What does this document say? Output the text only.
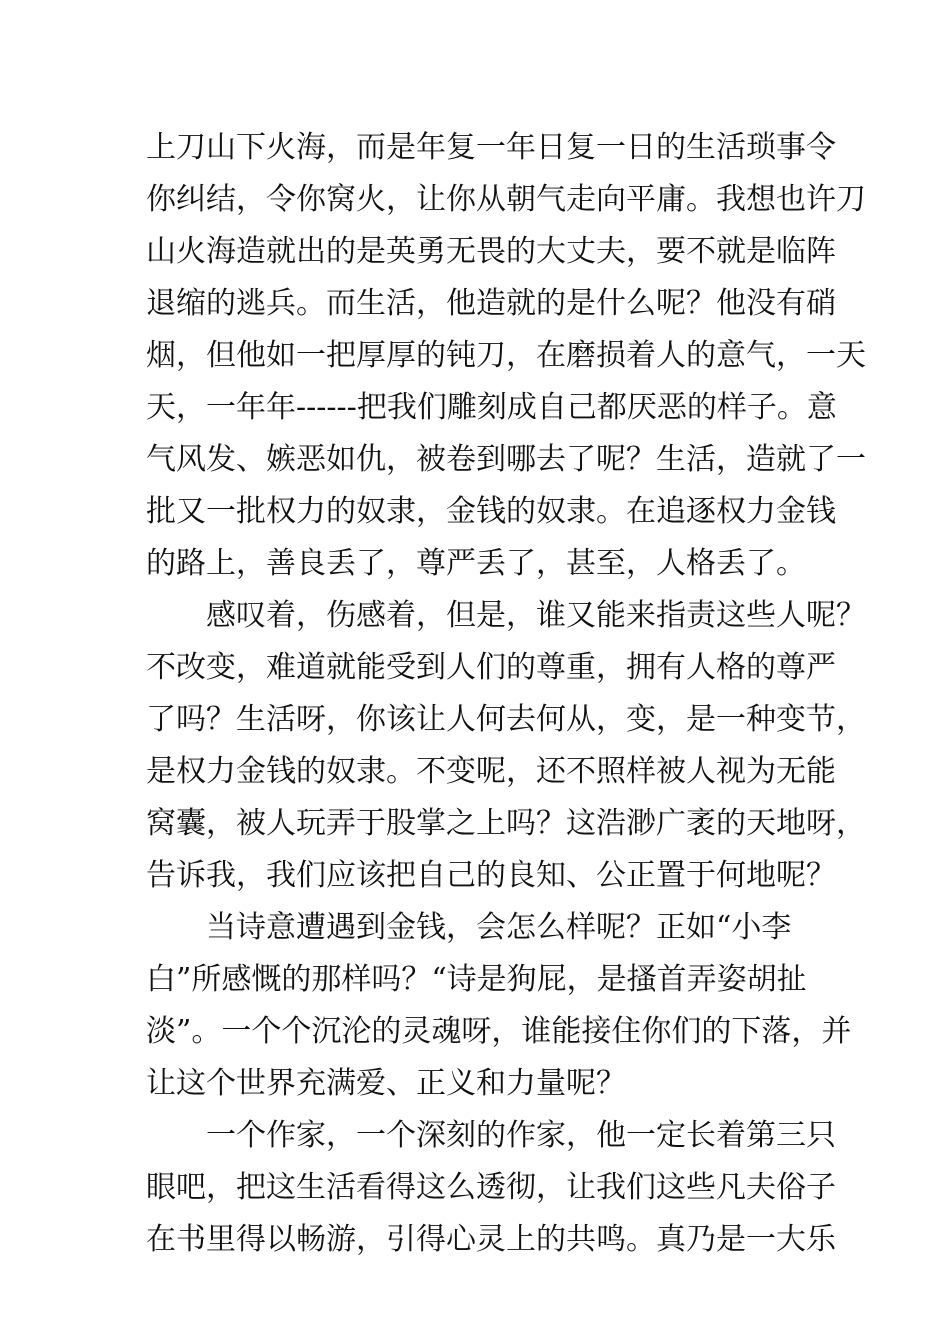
上刀山下火海，而是年复一年日复一日的生活琐事令
你纠结，令你窝火，让你从朝气走向平庸。我想也许刀
山火海造就出的是英勇无畏的大丈夫，要不就是临阵
退缩的逃兵。而生活，他造就的是什么呢？他没有硝
烟，但他如一把厚厚的钝刀，在磨损着人的意气，一天
天，一年年------把我们雕刻成自己都厌恶的样子。意
气风发、嫉恶如仇，被卷到哪去了呢？生活，造就了一
批又一批权力的奴隶，金钱的奴隶。在追逐权力金钱
的路上，善良丢了，尊严丢了，甚至，人格丢了。
感叹着，伤感着，但是，谁又能来指责这些人呢？
不改变，难道就能受到人们的尊重，拥有人格的尊严
了吗？生活呀，你该让人何去何从，变，是一种变节，
是权力金钱的奴隶。不变呢，还不照样被人视为无能
窝囊，被人玩弄于股掌之上吗？这浩渺广袤的天地呀，
告诉我，我们应该把自己的良知、公正置于何地呢？
当诗意遭遇到金钱，会怎么样呢？正如“小李
白”所感慨的那样吗？“诗是狗屁，是搔首弄姿胡扯
淡”。一个个沉沦的灵魂呀，谁能接住你们的下落，并
让这个世界充满爱、正义和力量呢？
一个作家，一个深刻的作家，他一定长着第三只
眼吧，把这生活看得这么透彻，让我们这些凡夫俗子
在书里得以畅游，引得心灵上的共鸣。真乃是一大乐
